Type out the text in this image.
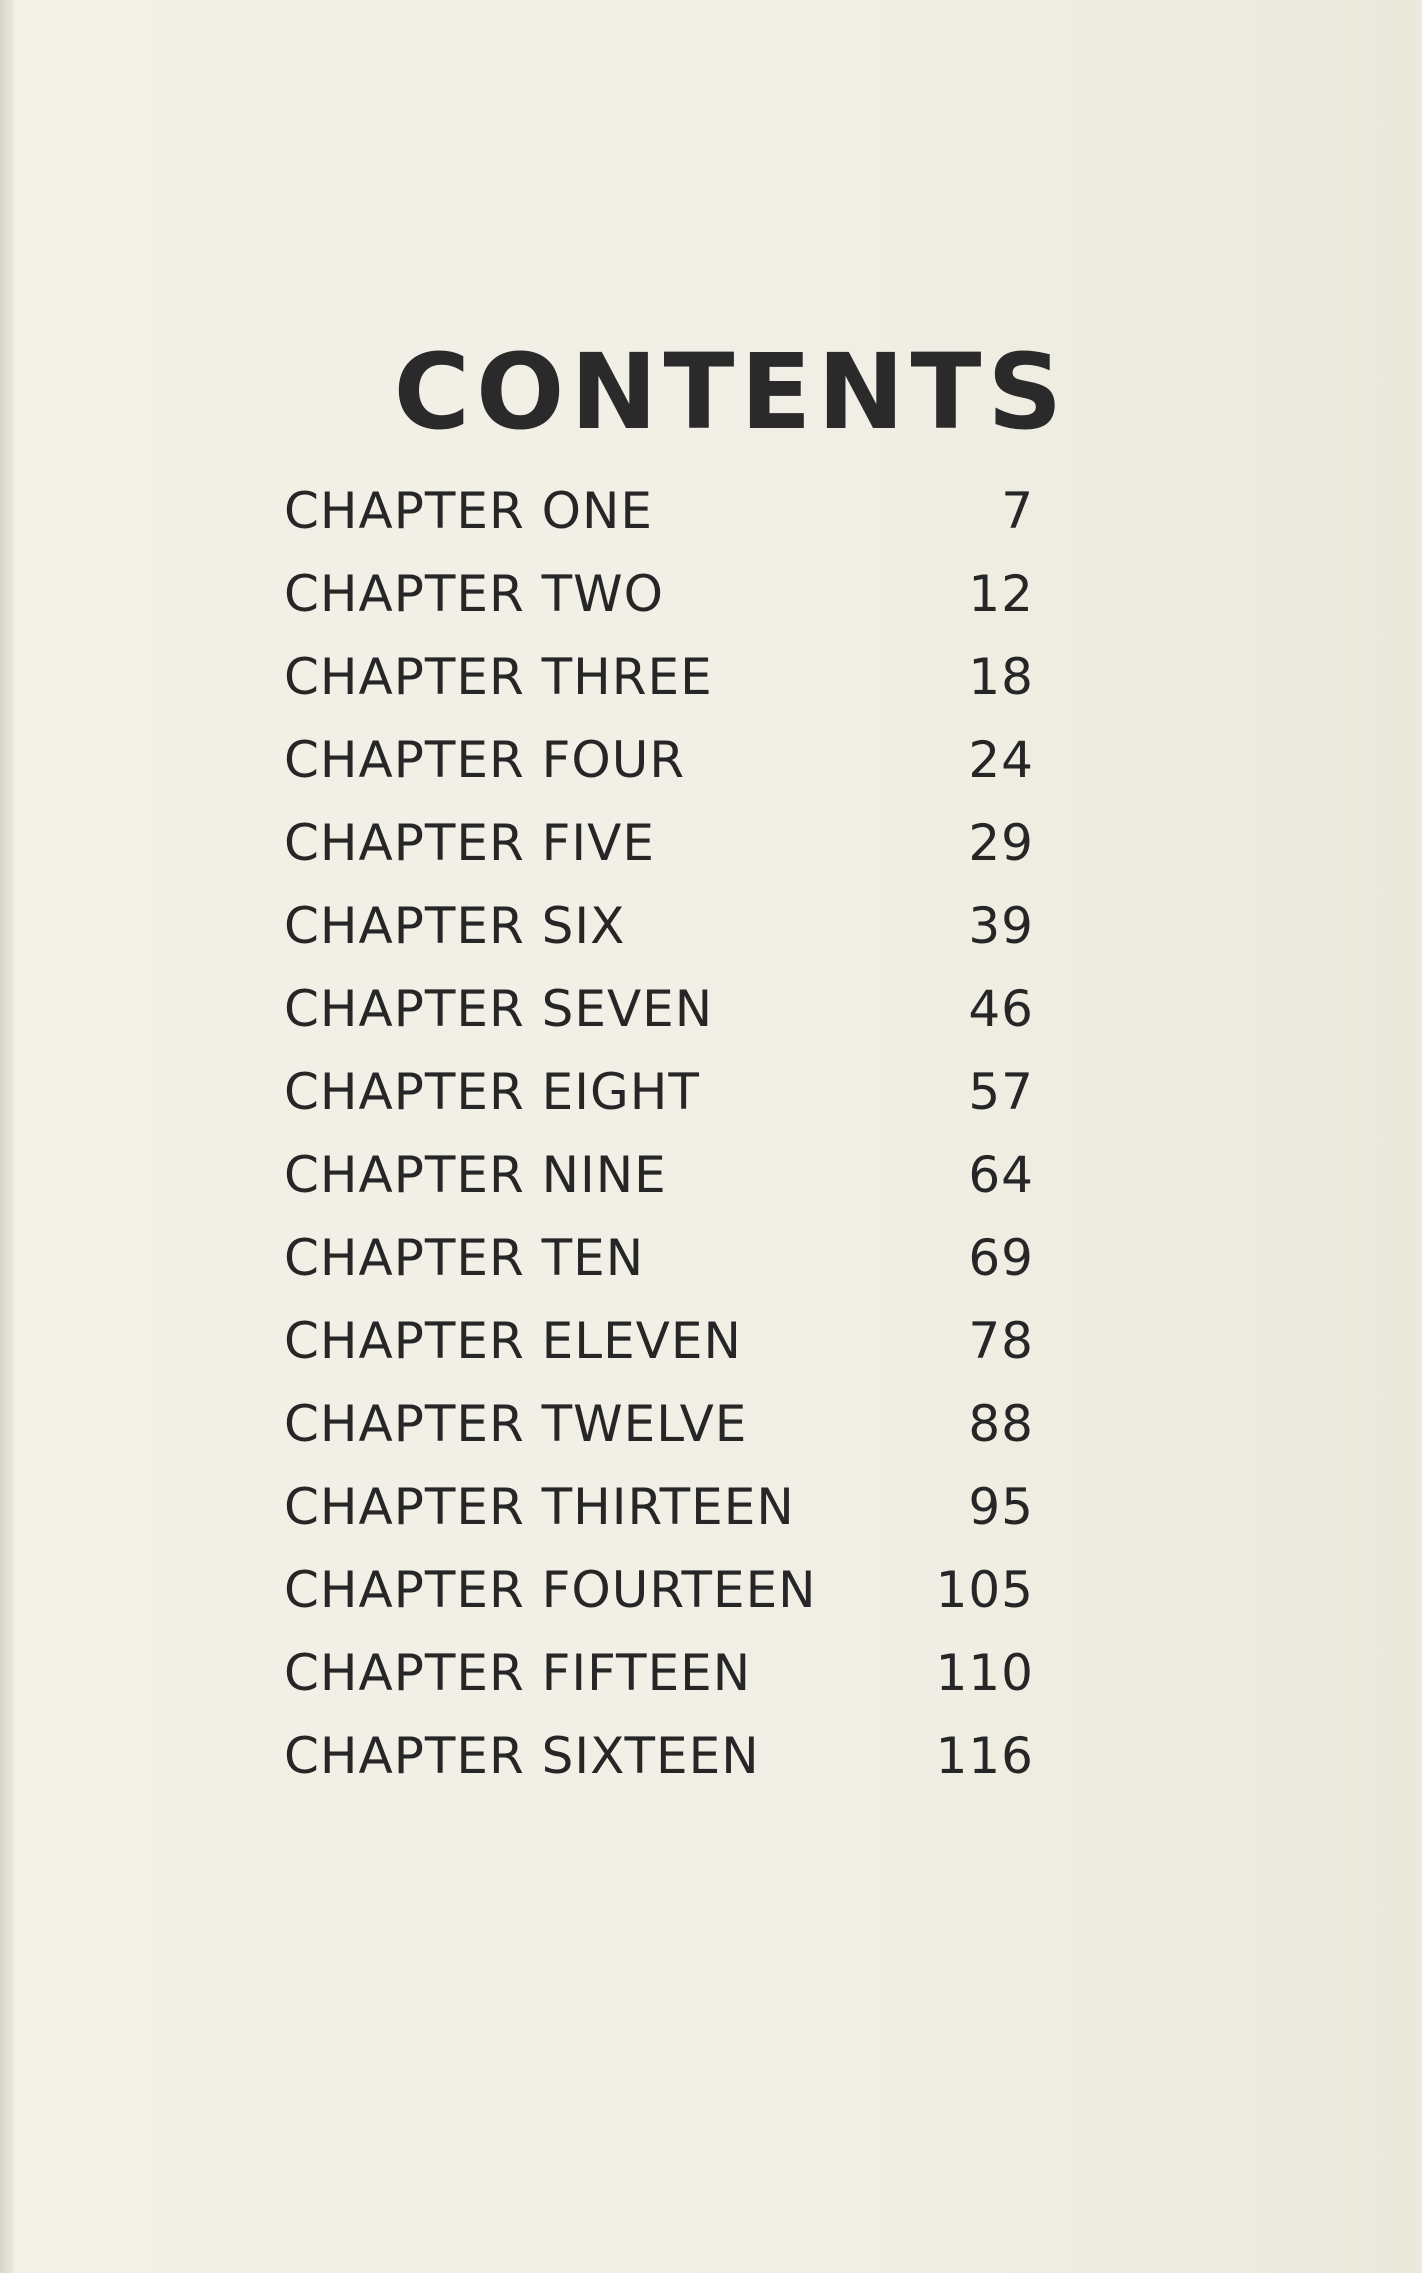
CONTENTS
CHAPTER ONE	7
CHAPTER TWO	12
CHAPTER THREE	18
CHAPTER FOUR	24
CHAPTER FIVE	29
CHAPTER SIX	39
CHAPTER SEVEN	46
CHAPTER EIGHT	57
CHAPTER NINE	64
CHAPTER TEN	69
CHAPTER ELEVEN	78
CHAPTER TWELVE	88
CHAPTER THIRTEEN	95
CHAPTER FOURTEEN 105
CHAPTER FIFTEEN	110
CHAPTER SIXTEEN	116
